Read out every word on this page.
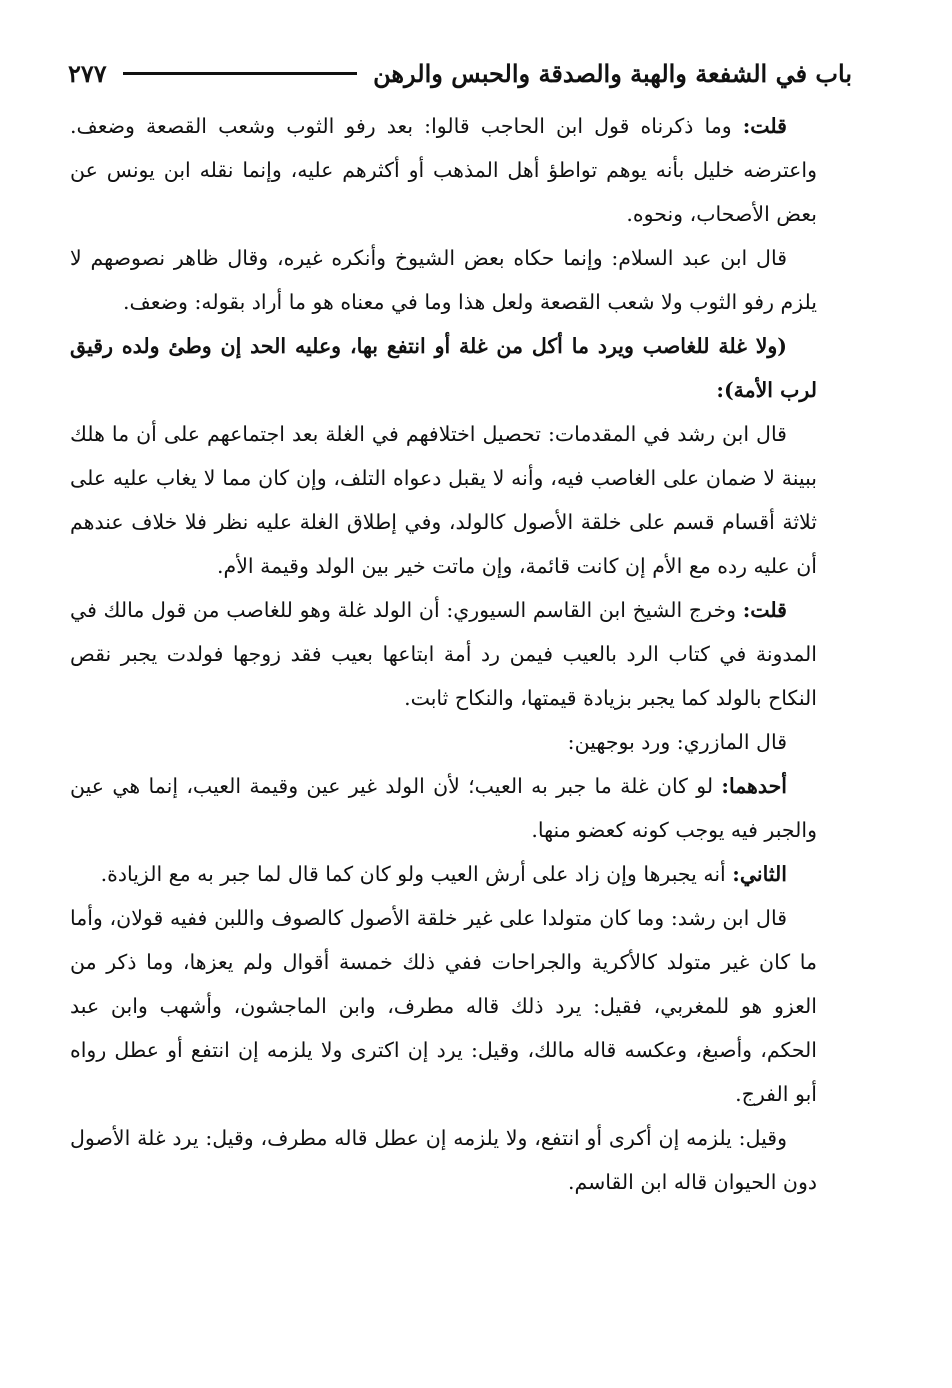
باب في الشفعة والهبة والصدقة والحبس والرهن
٢٧٧

قلت: وما ذكرناه قول ابن الحاجب قالوا: بعد رفو الثوب وشعب القصعة وضعف. واعترضه خليل بأنه يوهم تواطؤ أهل المذهب أو أكثرهم عليه، وإنما نقله ابن يونس عن بعض الأصحاب، ونحوه.

قال ابن عبد السلام: وإنما حكاه بعض الشيوخ وأنكره غيره، وقال ظاهر نصوصهم لا يلزم رفو الثوب ولا شعب القصعة ولعل هذا وما في معناه هو ما أراد بقوله: وضعف.

(ولا غلة للغاصب ويرد ما أكل من غلة أو انتفع بها، وعليه الحد إن وطئ ولده رقيق لرب الأمة):

قال ابن رشد في المقدمات: تحصيل اختلافهم في الغلة بعد اجتماعهم على أن ما هلك ببينة لا ضمان على الغاصب فيه، وأنه لا يقبل دعواه التلف، وإن كان مما لا يغاب عليه على ثلاثة أقسام قسم على خلقة الأصول كالولد، وفي إطلاق الغلة عليه نظر فلا خلاف عندهم أن عليه رده مع الأم إن كانت قائمة، وإن ماتت خير بين الولد وقيمة الأم.

قلت: وخرج الشيخ ابن القاسم السيوري: أن الولد غلة وهو للغاصب من قول مالك في المدونة في كتاب الرد بالعيب فيمن رد أمة ابتاعها بعيب فقد زوجها فولدت يجبر نقص النكاح بالولد كما يجبر بزيادة قيمتها، والنكاح ثابت.

قال المازري: ورد بوجهين:

أحدهما: لو كان غلة ما جبر به العيب؛ لأن الولد غير عين وقيمة العيب، إنما هي عين والجبر فيه يوجب كونه كعضو منها.

الثاني: أنه يجبرها وإن زاد على أرش العيب ولو كان كما قال لما جبر به مع الزيادة.

قال ابن رشد: وما كان متولدا على غير خلقة الأصول كالصوف واللبن ففيه قولان، وأما ما كان غير متولد كالأكرية والجراحات ففي ذلك خمسة أقوال ولم يعزها، وما ذكر من العزو هو للمغربي، فقيل: يرد ذلك قاله مطرف، وابن الماجشون، وأشهب وابن عبد الحكم، وأصبغ، وعكسه قاله مالك، وقيل: يرد إن اكترى ولا يلزمه إن انتفع أو عطل رواه أبو الفرج.

وقيل: يلزمه إن أكرى أو انتفع، ولا يلزمه إن عطل قاله مطرف، وقيل: يرد غلة الأصول دون الحيوان قاله ابن القاسم.
